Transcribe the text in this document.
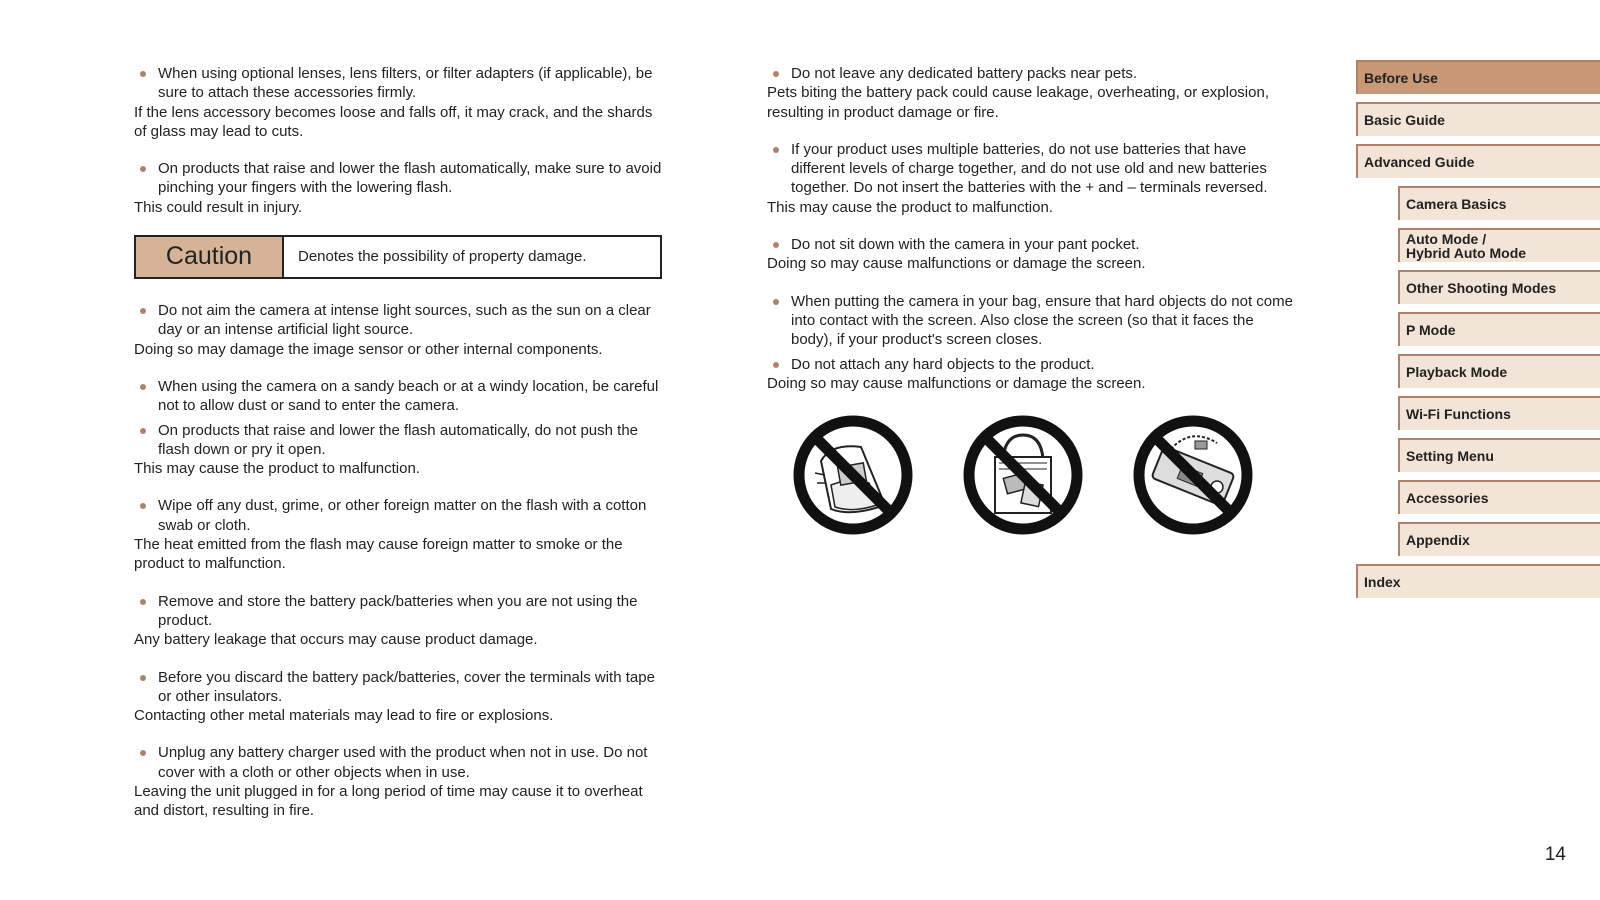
When using optional lenses, lens filters, or filter adapters (if applicable), be sure to attach these accessories firmly.

If the lens accessory becomes loose and falls off, it may crack, and the shards of glass may lead to cuts.

On products that raise and lower the flash automatically, make sure to avoid pinching your fingers with the lowering flash.

This could result in injury.

Caution	Denotes the possibility of property damage.
Do not aim the camera at intense light sources, such as the sun on a clear day or an intense artificial light source.

Doing so may damage the image sensor or other internal components.

When using the camera on a sandy beach or at a windy location, be careful not to allow dust or sand to enter the camera.
On products that raise and lower the flash automatically, do not push the flash down or pry it open.

This may cause the product to malfunction.

Wipe off any dust, grime, or other foreign matter on the flash with a cotton swab or cloth.

The heat emitted from the flash may cause foreign matter to smoke or the product to malfunction.

Remove and store the battery pack/batteries when you are not using the product.

Any battery leakage that occurs may cause product damage.

Before you discard the battery pack/batteries, cover the terminals with tape or other insulators.

Contacting other metal materials may lead to fire or explosions.

Unplug any battery charger used with the product when not in use. Do not cover with a cloth or other objects when in use.

Leaving the unit plugged in for a long period of time may cause it to overheat and distort, resulting in fire.

Do not leave any dedicated battery packs near pets.

Pets biting the battery pack could cause leakage, overheating, or explosion, resulting in product damage or fire.

If your product uses multiple batteries, do not use batteries that have different levels of charge together, and do not use old and new batteries together. Do not insert the batteries with the + and – terminals reversed.

This may cause the product to malfunction.

Do not sit down with the camera in your pant pocket.

Doing so may cause malfunctions or damage the screen.

When putting the camera in your bag, ensure that hard objects do not come into contact with the screen. Also close the screen (so that it faces the body), if your product's screen closes.
Do not attach any hard objects to the product.

Doing so may cause malfunctions or damage the screen.

Before Use
Basic Guide
Advanced Guide
Camera Basics
Auto Mode /
Hybrid Auto Mode
Other Shooting Modes
P Mode
Playback Mode
Wi-Fi Functions
Setting Menu
Accessories
Appendix
Index
14
